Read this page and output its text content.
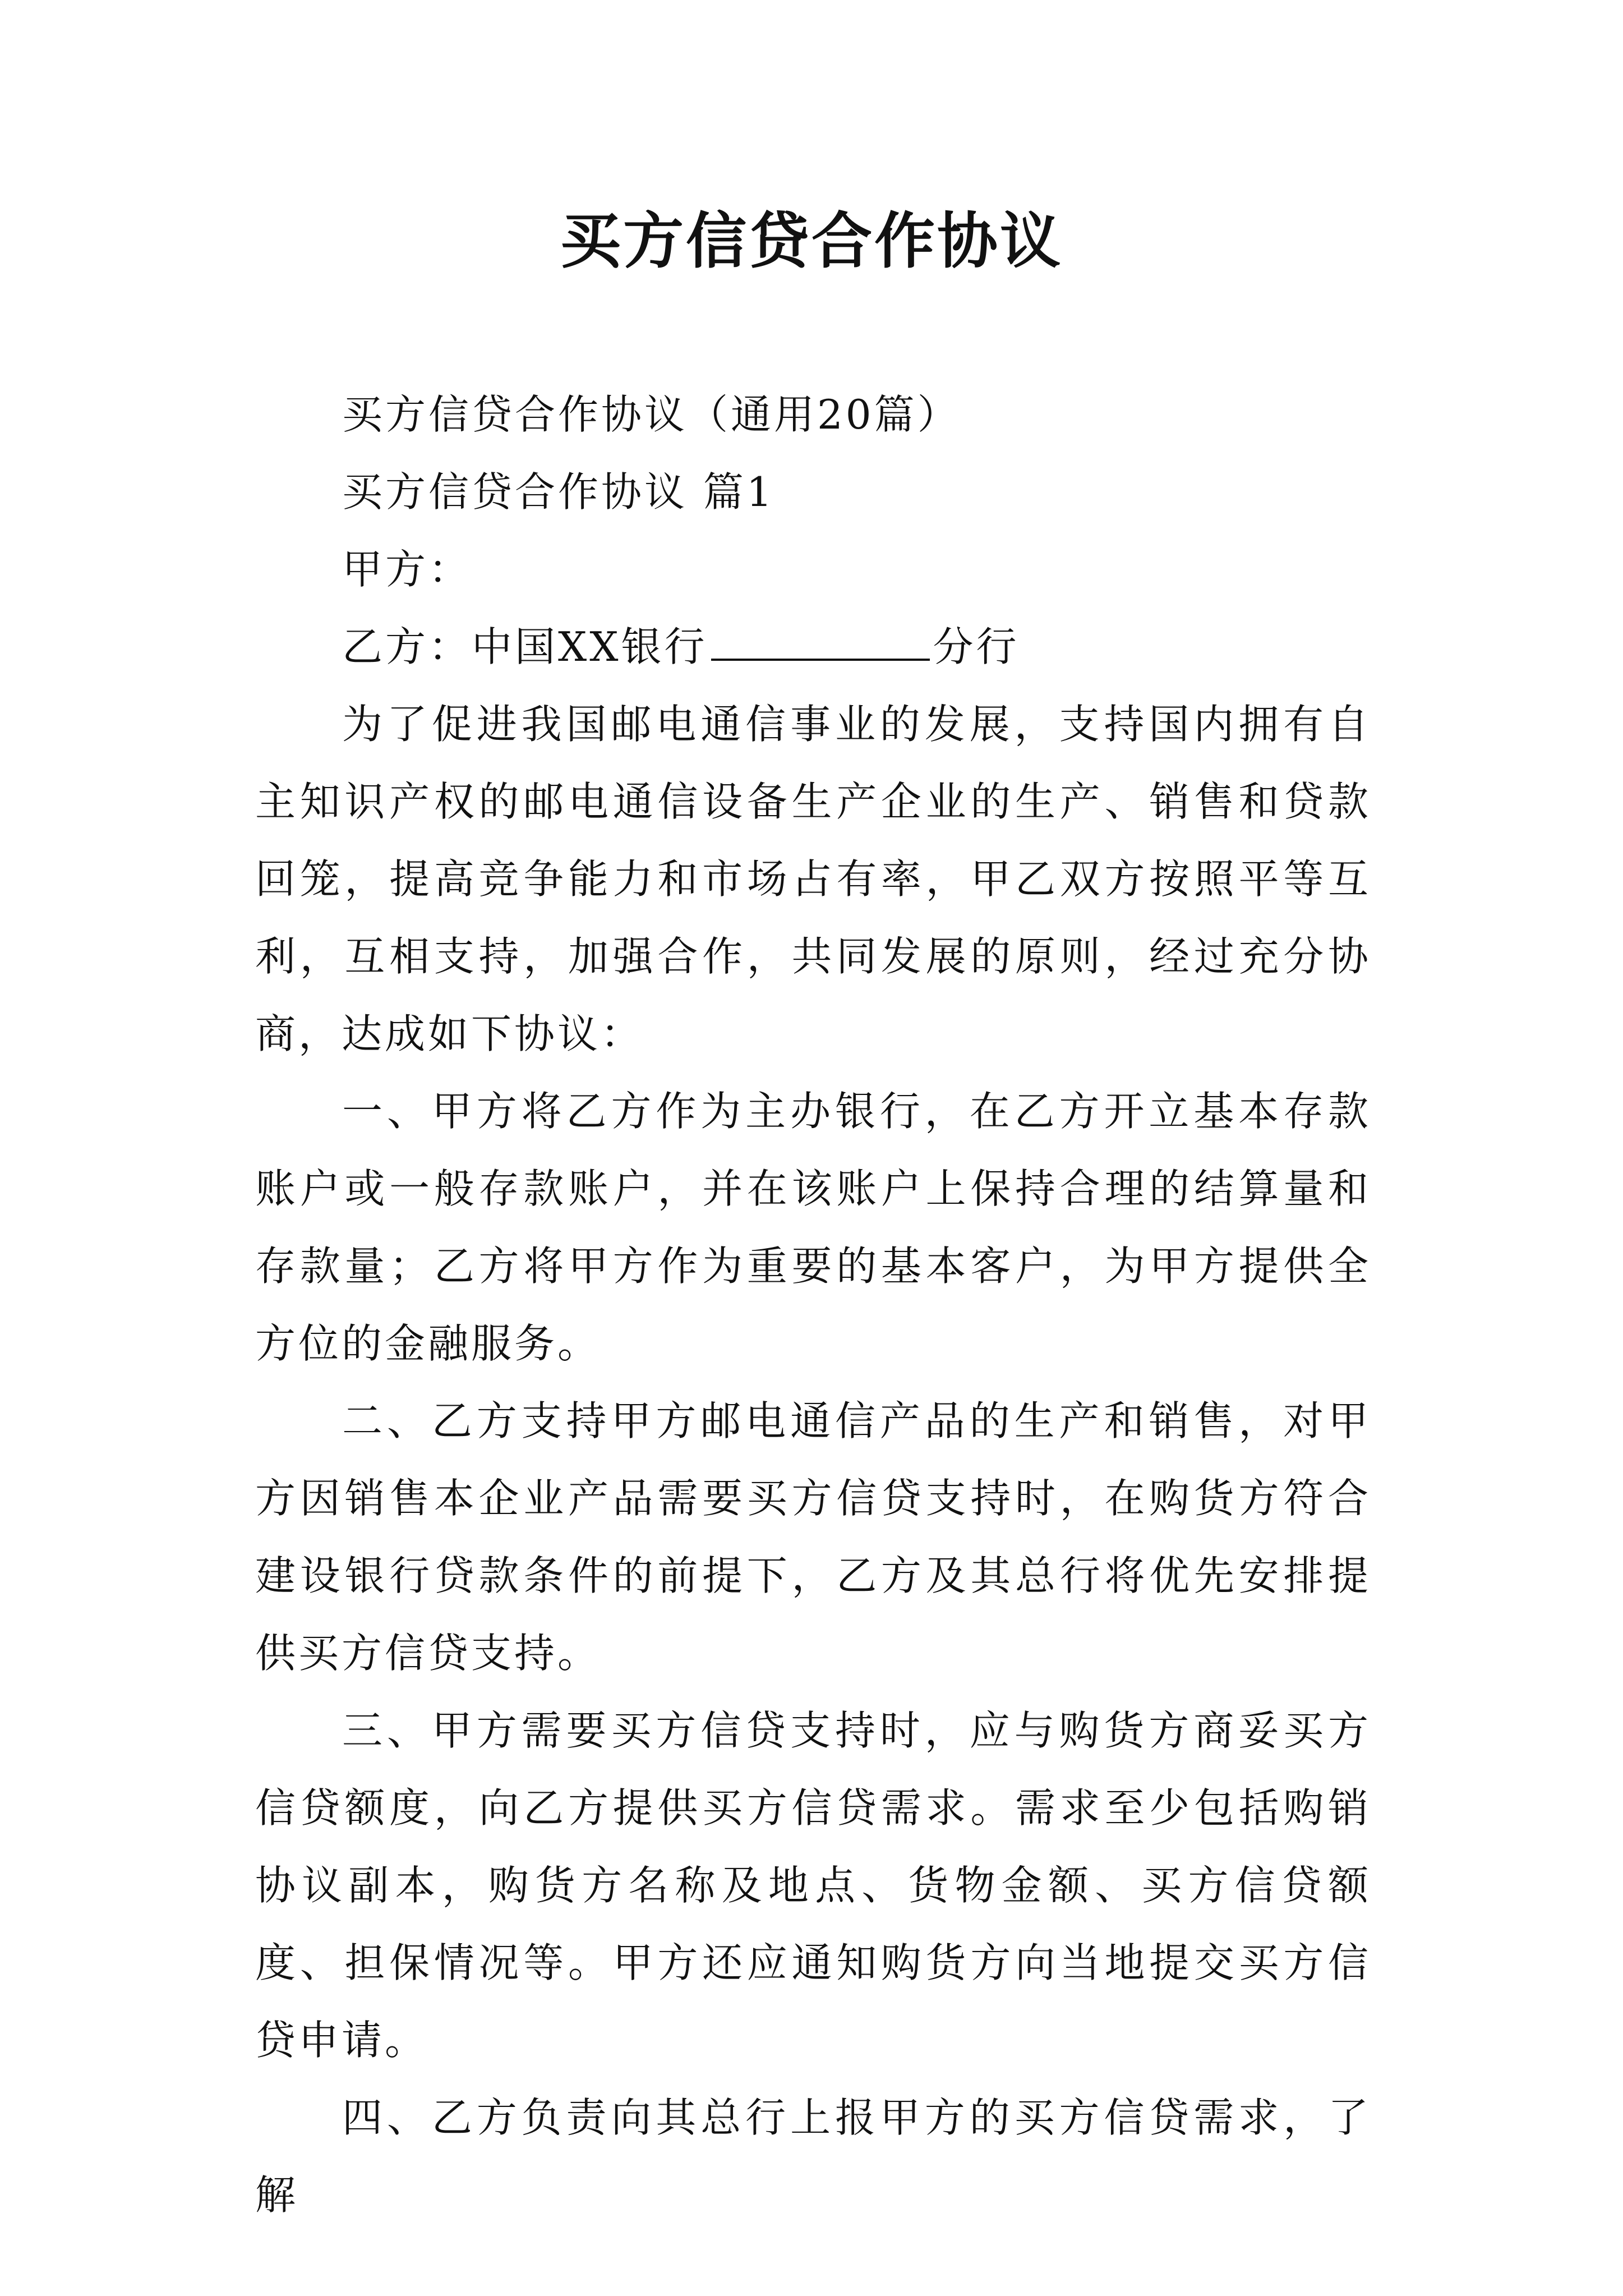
买方信贷合作协议

买方信贷合作协议（通用20篇）

买方信贷合作协议 篇1

甲方：

乙方：中国XX银行	分行

为了促进我国邮电通信事业的发展，支持国内拥有自主知识产权的邮电通信设备生产企业的生产、销售和贷款回笼，提高竞争能力和市场占有率，甲乙双方按照平等互利，互相支持，加强合作，共同发展的原则，经过充分协商，达成如下协议：

一、甲方将乙方作为主办银行，在乙方开立基本存款账户或一般存款账户，并在该账户上保持合理的结算量和存款量；乙方将甲方作为重要的基本客户，为甲方提供全方位的金融服务。

二、乙方支持甲方邮电通信产品的生产和销售，对甲方因销售本企业产品需要买方信贷支持时，在购货方符合建设银行贷款条件的前提下，乙方及其总行将优先安排提供买方信贷支持。

三、甲方需要买方信贷支持时，应与购货方商妥买方信贷额度，向乙方提供买方信贷需求。需求至少包括购销协议副本，购货方名称及地点、货物金额、买方信贷额度、担保情况等。甲方还应通知购货方向当地提交买方信贷申请。

四、乙方负责向其总行上报甲方的买方信贷需求，了解
